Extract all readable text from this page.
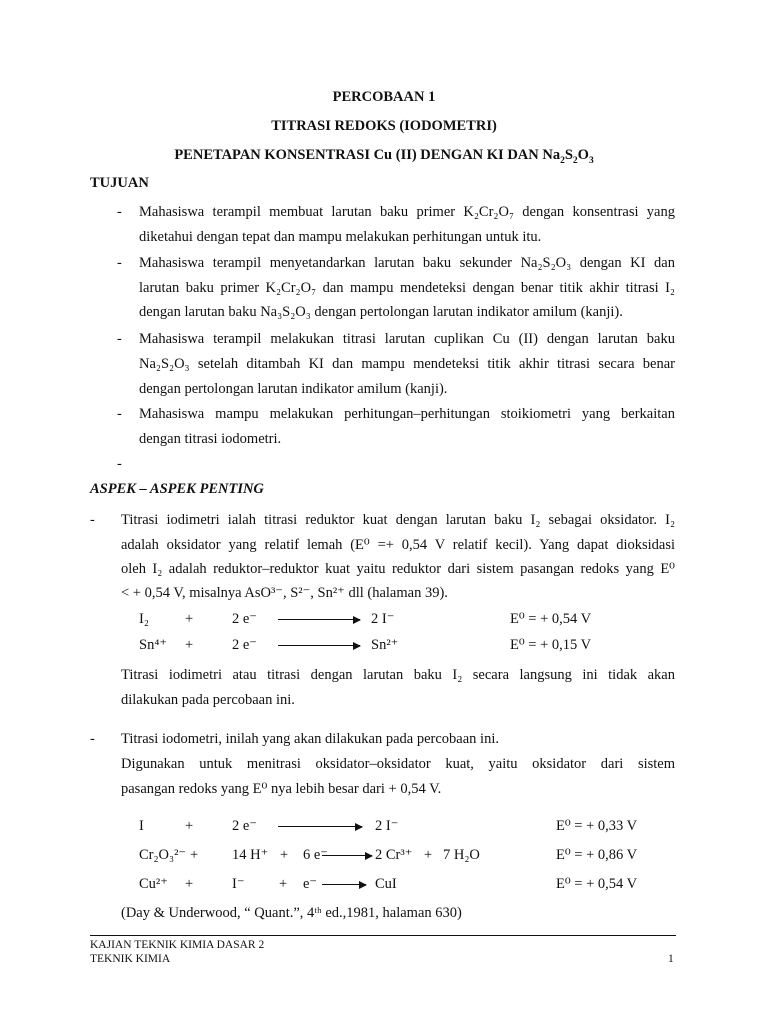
PERCOBAAN 1
TITRASI REDOKS (IODOMETRI)
PENETAPAN KONSENTRASI Cu (II) DENGAN KI DAN $Na_2S_2O_3$
TUJUAN
- Mahasiswa terampil membuat larutan baku primer K₂Cr₂O₇ dengan konsentrasi yang
diketahui dengan tepat dan mampu melakukan perhitungan untuk itu.
- Mahasiswa terampil menyetandarkan larutan baku sekunder Na₂S₂O₃ dengan KI dan
larutan baku primer K₂Cr₂O₇ dan mampu mendeteksi dengan benar titik akhir titrasi I₂
dengan larutan baku Na₃S₂O₃ dengan pertolongan larutan indikator amilum (kanji).
- Mahasiswa terampil melakukan titrasi larutan cuplikan Cu (II) dengan larutan baku
Na₂S₂O₃ setelah ditambah KI dan mampu mendeteksi titik akhir titrasi secara benar
dengan pertolongan larutan indikator amilum (kanji).
- Mahasiswa mampu melakukan perhitungan–perhitungan stoikiometri yang berkaitan
dengan titrasi iodometri.
-
ASPEK – ASPEK PENTING
- Titrasi iodimetri ialah titrasi reduktor kuat dengan larutan baku I₂ sebagai oksidator. I₂
adalah oksidator yang relatif lemah (E⁰ =+ 0,54 V relatif kecil). Yang dapat dioksidasi
oleh I₂ adalah reduktor–reduktor kuat yaitu reduktor dari sistem pasangan redoks yang E⁰
< + 0,54 V, misalnya AsO³⁻, S²⁻, Sn²⁺ dll (halaman 39).
I₂ +	2 e⁻	2 I⁻	E⁰ = + 0,54 V
Sn⁴⁺ +	2 e⁻	Sn²⁺	E⁰ = + 0,15 V
Titrasi iodimetri atau titrasi dengan larutan baku I₂ secara langsung ini tidak akan
dilakukan pada percobaan ini.
- Titrasi iodometri, inilah yang akan dilakukan pada percobaan ini.
Digunakan untuk menitrasi oksidator–oksidator kuat, yaitu oksidator dari sistem
pasangan redoks yang E⁰ nya lebih besar dari + 0,54 V.
I	+	2 e⁻	2 I⁻	E⁰ = + 0,33 V
Cr₂O₃²⁻ + 14 H⁺ + 6 e⁻ → 2 Cr³⁺ + 7 H₂O	E⁰ = + 0,86 V
Cu²⁺ +	I⁻ + e⁻ → CuI	E⁰ = + 0,54 V
(Day & Underwood, “ Quant.”, 4ᵗʰ ed.,1981, halaman 630)
KAJIAN TEKNIK KIMIA DASAR 2
TEKNIK KIMIA	1
